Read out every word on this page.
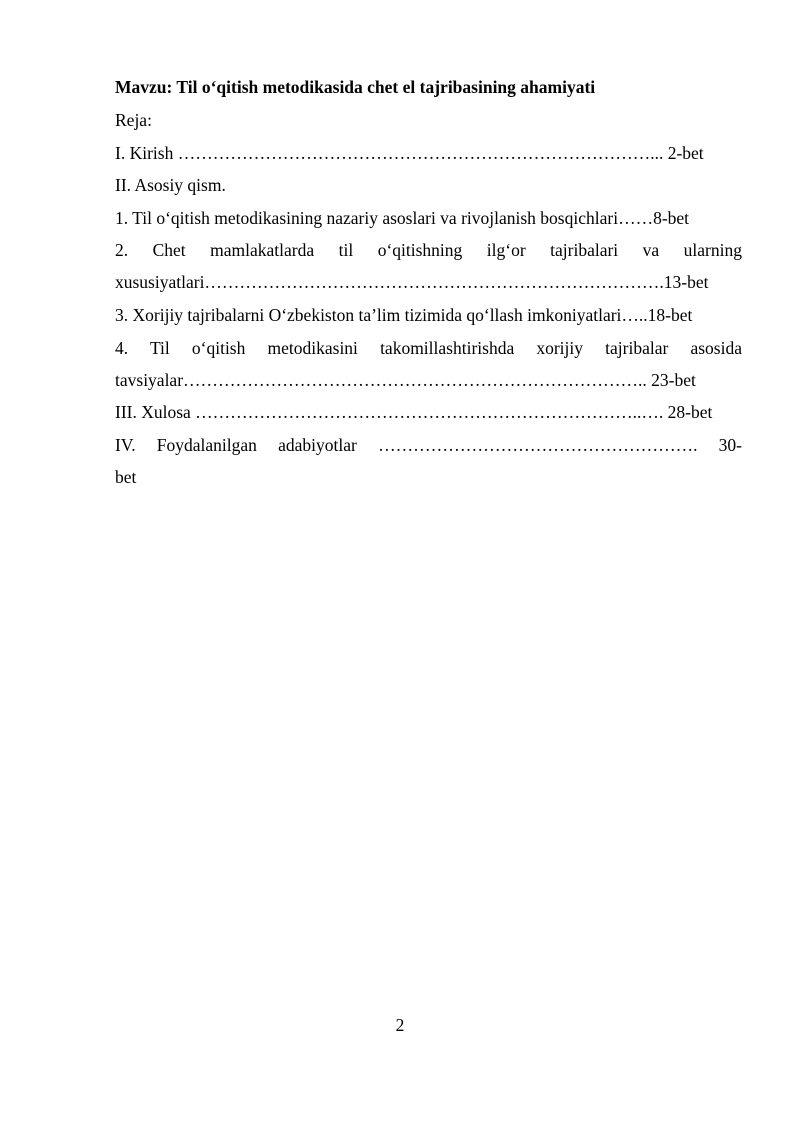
Mavzu: Til o‘qitish metodikasida chet el tajribasining ahamiyati
Reja:
I. Kirish ………………………………………………………………………... 2-bet
II. Asosiy qism.
1. Til o‘qitish metodikasining nazariy asoslari va rivojlanish bosqichlari……8-bet
2. Chet mamlakatlarda til o‘qitishning ilg‘or tajribalari va ularning
xususiyatlari…………………………………………………………………….13-bet
3. Xorijiy tajribalarni O‘zbekiston ta’lim tizimida qo‘llash imkoniyatlari…..18-bet
4. Til o‘qitish metodikasini takomillashtirishda xorijiy tajribalar asosida
tavsiyalar…………………………………………………………………….. 23-bet
III. Xulosa …………………………………………………………………..…. 28-bet
IV. Foydalanilgan adabiyotlar ………………………………………………. 30-
bet
2
